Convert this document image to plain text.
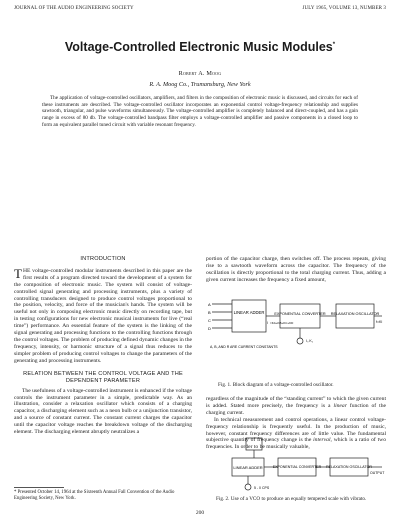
JOURNAL OF THE AUDIO ENGINEERING SOCIETY	JULY 1965, VOLUME 13, NUMBER 3
Voltage-Controlled Electronic Music Modules*
Robert A. Moog
R. A. Moog Co., Trumansburg, New York
The application of voltage-controlled oscillators, amplifiers, and filters in the composition of electronic music is discussed, and circuits for each of these instruments are described. The voltage-controlled oscillator incorporates an exponential control voltage-frequency relationship and supplies sawtooth, triangular, and pulse waveforms simultaneously. The voltage-controlled amplifier is completely balanced and direct-coupled, and has a gain range in excess of 80 db. The voltage-controlled bandpass filter employs a voltage-controlled amplifier and passive components in a closed loop to form an equivalent parallel tuned circuit with variable resonant frequency.
INTRODUCTION

THE voltage-controlled modular instruments described in this paper are the first results of a program directed toward the development of a system for the composition of electronic music. The system will consist of voltage-controlled signal generating and processing instruments, plus a variety of controlling transducers designed to produce control voltages proportional to the position, velocity, and force of the musician's hands. The system will be useful not only in composing electronic music directly on recording tape, but in testing configurations for new electronic musical instruments for live (“real time”) performance. An essential feature of the system is the linking of the signal generating and processing functions to the controlling functions through the control voltages. The problem of producing defined dynamic changes in the frequency, intensity, or harmonic structure of a signal thus reduces to the simpler problem of producing control voltages to change the parameters of the generating and processing instruments.

RELATION BETWEEN THE CONTROL VOLTAGE AND THE DEPENDENT PARAMETER

The usefulness of a voltage-controlled instrument is enhanced if the voltage controls the instrument parameter in a simple, predictable way. As an illustration, consider a relaxation oscillator which consists of a charging capacitor, a discharging element such as a neon bulb or a unijunction transistor, and a source of constant current. The constant current charges the capacitor until the capacitor voltage reaches the breakdown voltage of the discharging element. The discharging element abruptly neutralizes a

* Presented October 14, 1964 at the Sixteenth Annual Fall Convention of the Audio Engineering Society, New York.

portion of the capacitor charge, then switches off. The process repeats, giving rise to a sawtooth waveform across the capacitor. The frequency of the oscillation is directly proportional to the total charging current. Thus, adding a given current increases the frequency a fixed amount,

A
B
C
D
LINEAR ADDER	EXPONENTIAL CONVERTER RELAXATION OSCILLATOR
I =KA+KB+KC+KD	f=KI
I₀ K₁
A, B, AND R ARE CURRENT CONSTANTS
Fig. 1. Block diagram of a voltage-controlled oscillator.

regardless of the magnitude of the “standing current” to which the given current is added. Stated more precisely, the frequency is a linear function of the charging current.

In technical measurement and control operations, a linear control voltage-frequency relationship is frequently useful. In the production of music, however, constant frequency differences are of little value. The fundamental subjective quantity of frequency change is the interval, which is a ratio of two frequencies. In order to be musically valuable,

LINEAR ADDER	EXPONENTIAL CONVERTER RELAXATION OSCILLATOR
OUTPUT
5 - 0 CPS
Fig. 2. Use of a VCO to produce an equally tempered scale with vibrato.
200
